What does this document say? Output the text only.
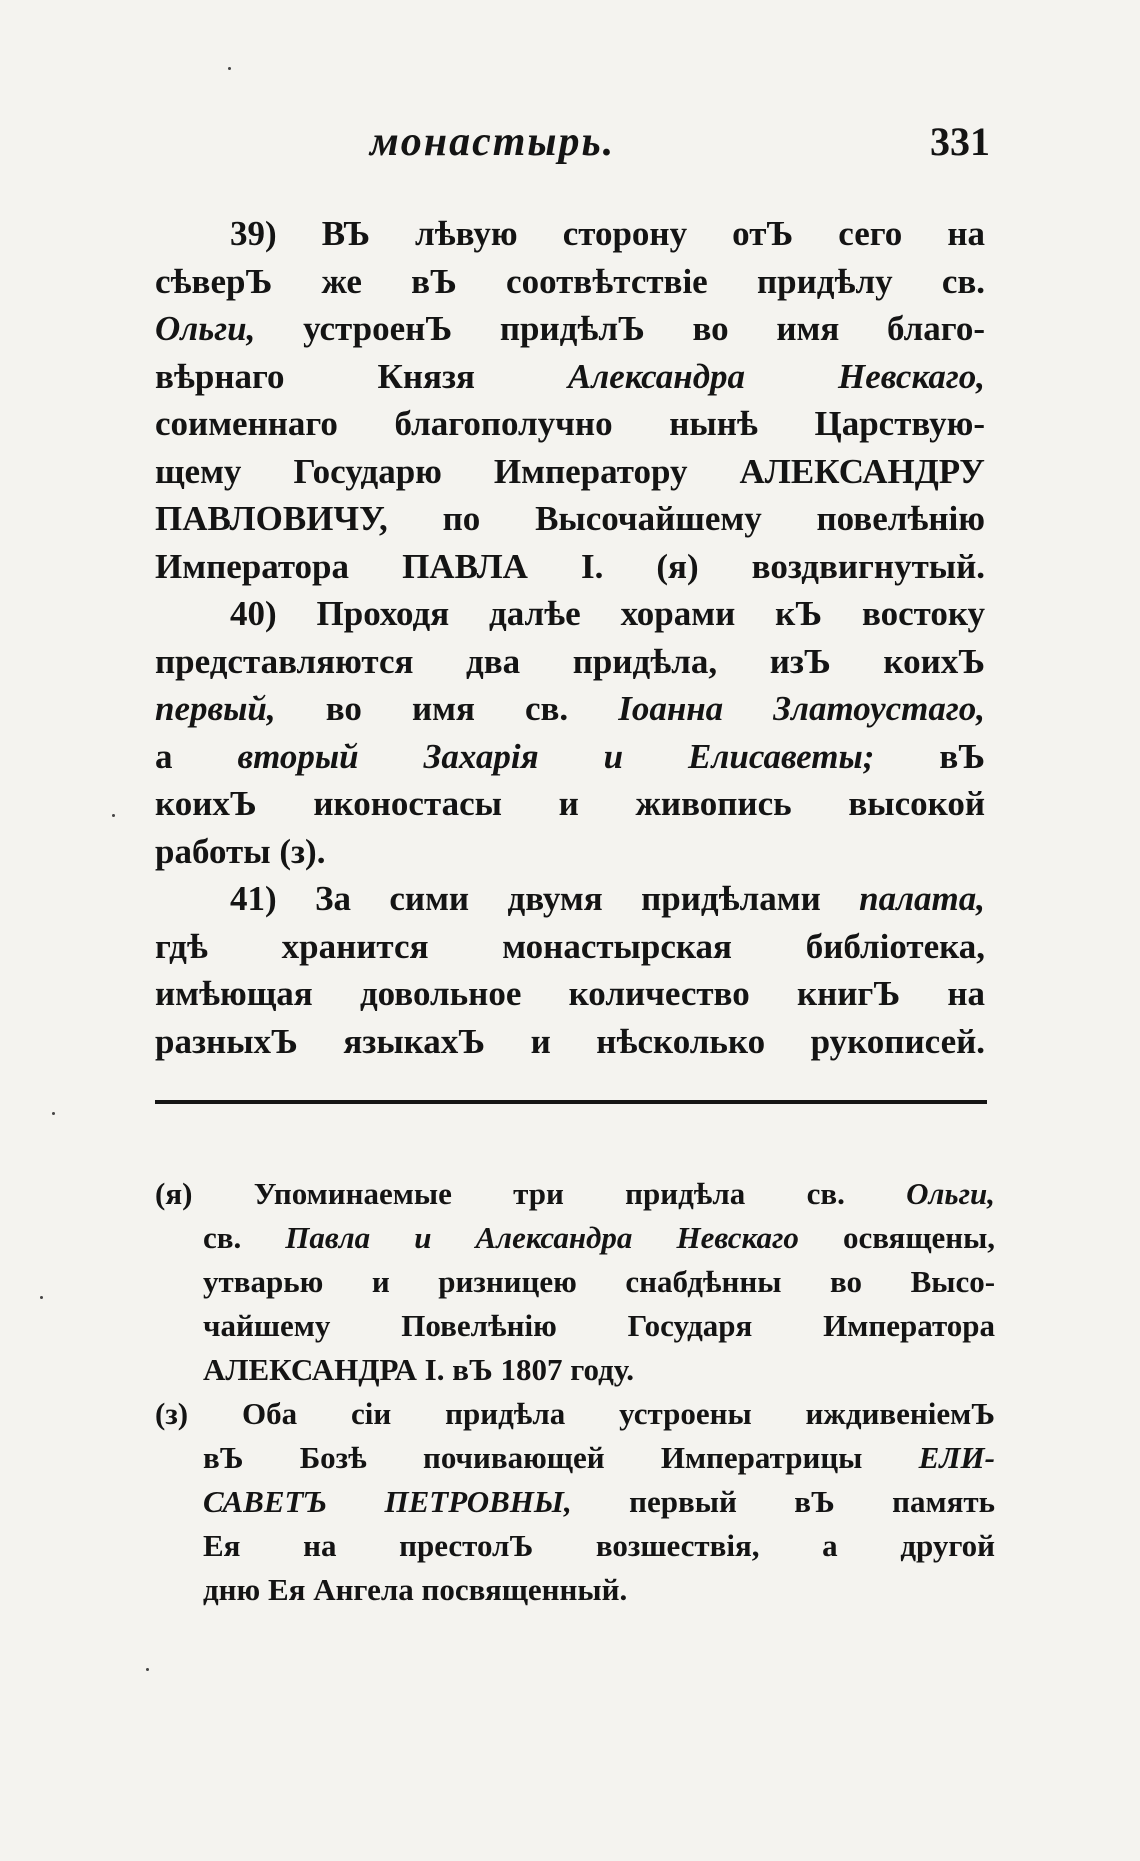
монастырь.	331
39) ВЪ лѣвую сторону отЪ сего на
сѣверЪ же вЪ соотвѣтствіе придѣлу св.
Ольги, устроенЪ придѣлЪ во имя благо-
вѣрнаго	Князя	Александра	Невскаго,
соименнаго благополучно нынѣ Царствую-
щему Государю Императору АЛЕКСАНДРУ
ПАВЛОВИЧУ, по Высочайшему повелѣнію
Императора ПАВЛА I. (я) воздвигнутый.
40) Проходя далѣе хорами кЪ востоку
представляются два придѣла, изЪ коихЪ
первый, во имя св. Іоанна Златоустаго,
а вторый Захарія и Елисаветы; вЪ
коихЪ иконостасы и живопись высокой
работы (з).
41) За сими двумя придѣлами палата,
гдѣ хранится монастырская библіотека,
имѣющая довольное количество книгЪ на
разныхЪ языкахЪ и нѣсколько рукописей.
(я) Упоминаемые три придѣла св. Ольги,
св. Павла и Александра Невскаго освящены,
утварью и ризницею снабдѣнны во Высо-
чайшему Повелѣнію Государя Императора
АЛЕКСАНДРА I. вЪ 1807 году.
(з) Оба сіи придѣла устроены иждивеніемЪ
вЪ Бозѣ почивающей Императрицы ЕЛИ-
САВЕТЪ ПЕТРОВНЫ, первый вЪ память
Ея на престолЪ возшествія, а другой
дню Ея Ангела посвященный.
